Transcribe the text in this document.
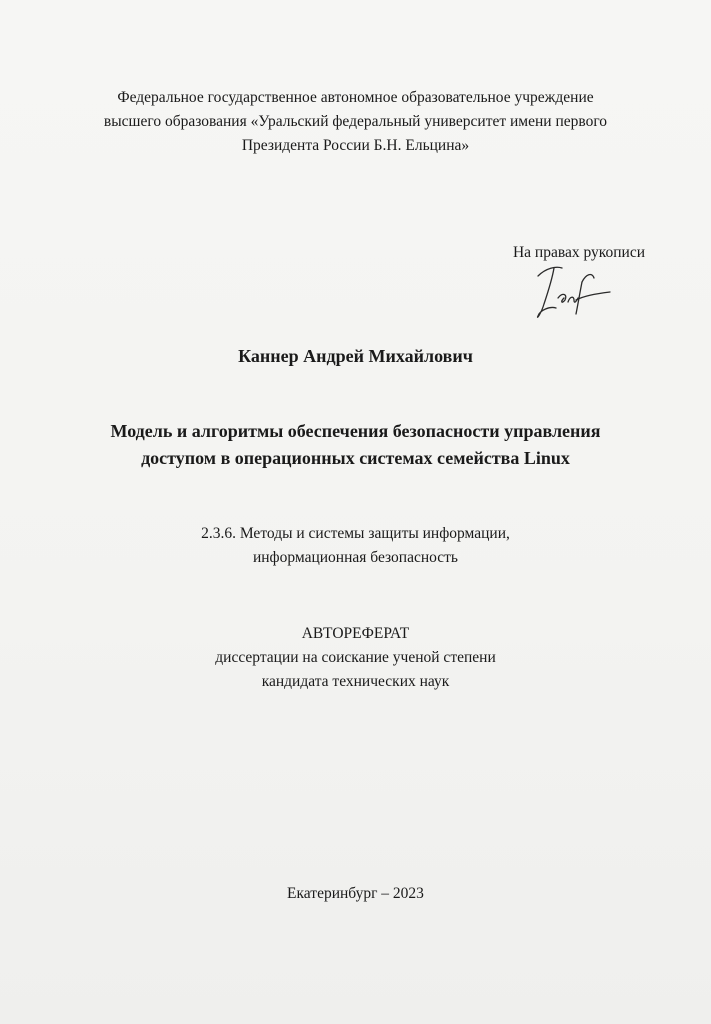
Федеральное государственное автономное образовательное учреждение
высшего образования «Уральский федеральный университет имени первого
Президента России Б.Н. Ельцина»
На правах рукописи
Каннер Андрей Михайлович
Модель и алгоритмы обеспечения безопасности управления
доступом в операционных системах семейства Linux
2.3.6. Методы и системы защиты информации,
информационная безопасность
АВТОРЕФЕРАТ
диссертации на соискание ученой степени
кандидата технических наук
Екатеринбург – 2023
